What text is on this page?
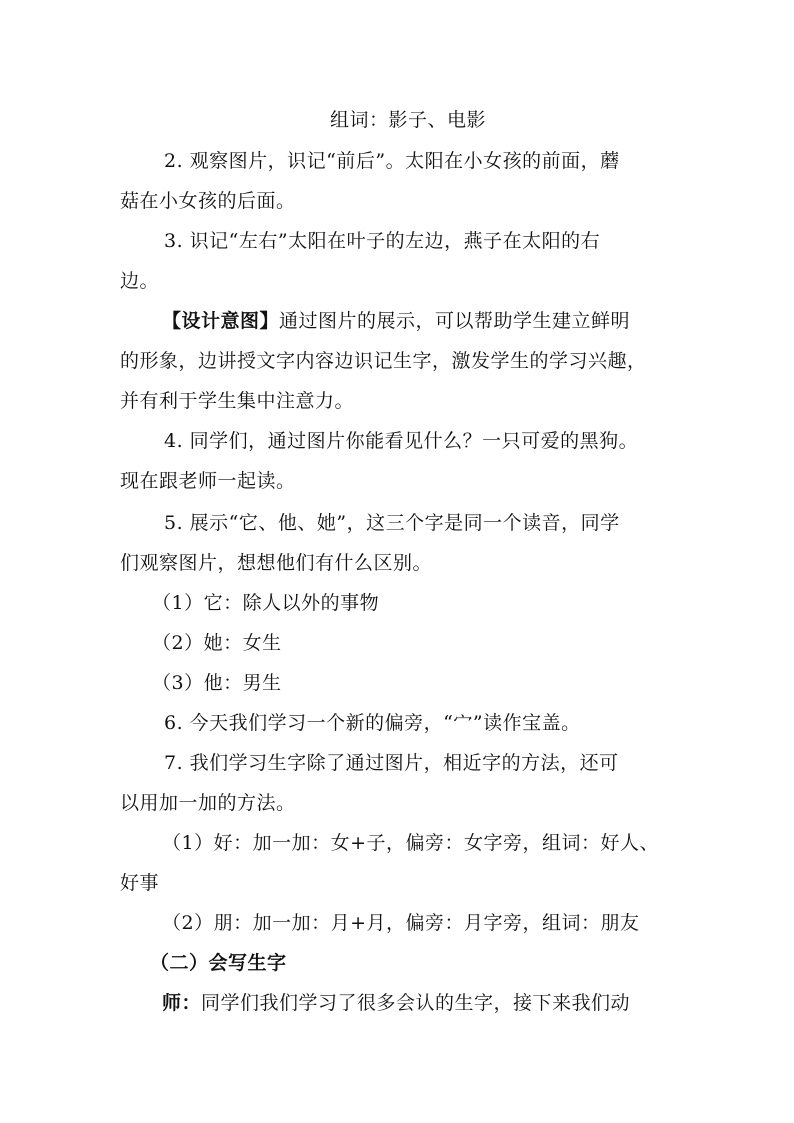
组词：影子、电影
2. 观察图片，识记“前后”。太阳在小女孩的前面，蘑
菇在小女孩的后面。
3. 识记“左右”太阳在叶子的左边，燕子在太阳的右
边。
【设计意图】通过图片的展示，可以帮助学生建立鲜明
的形象，边讲授文字内容边识记生字，激发学生的学习兴趣，
并有利于学生集中注意力。
4. 同学们，通过图片你能看见什么？一只可爱的黑狗。
现在跟老师一起读。
5. 展示“它、他、她”，这三个字是同一个读音，同学
们观察图片，想想他们有什么区别。
（1）它：除人以外的事物
（2）她：女生
（3）他：男生
6. 今天我们学习一个新的偏旁，“宀”读作宝盖。
7. 我们学习生字除了通过图片，相近字的方法，还可
以用加一加的方法。
（1）好：加一加：女+子，偏旁：女字旁，组词：好人、
好事
（2）朋：加一加：月+月，偏旁：月字旁，组词：朋友
（二）会写生字
师：同学们我们学习了很多会认的生字，接下来我们动
